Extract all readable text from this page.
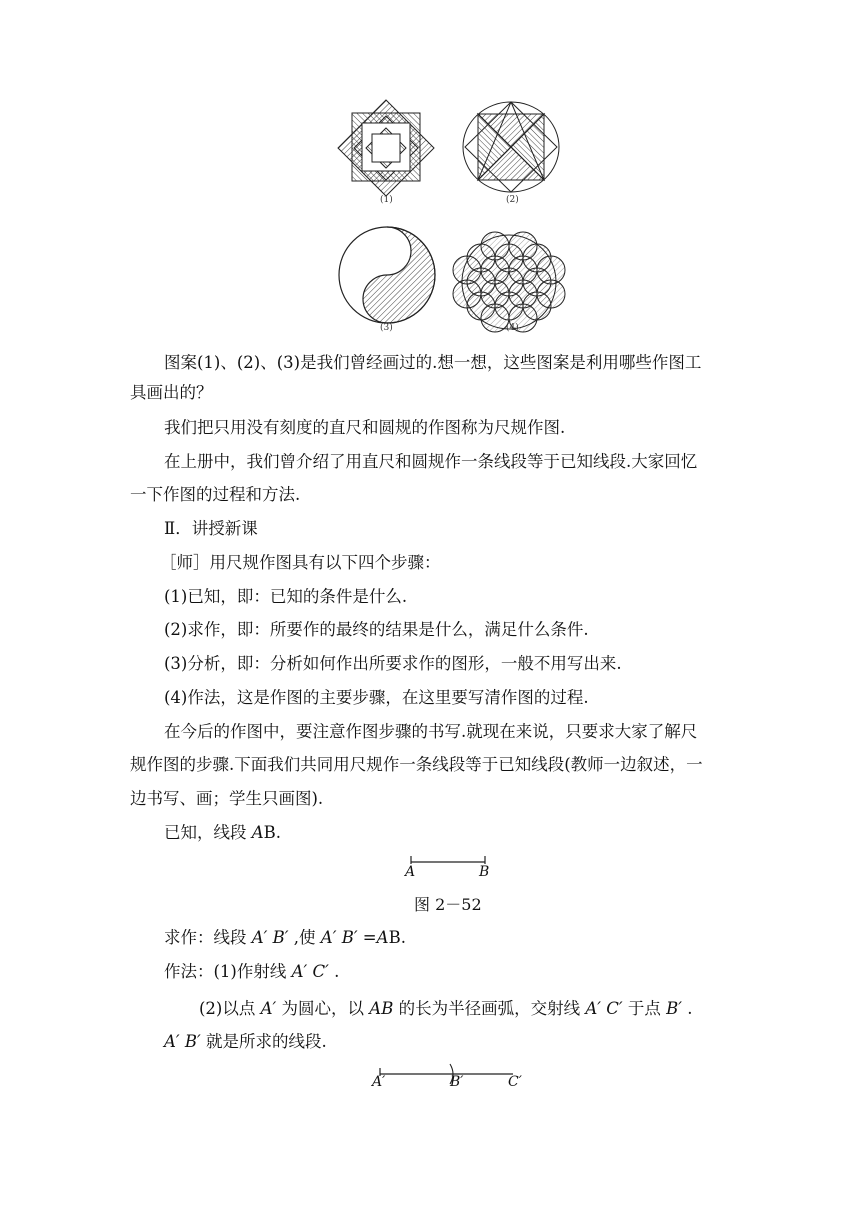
(1)	(2)
(3)	(4)
图案(1)、(2)、(3)是我们曾经画过的.想一想，这些图案是利用哪些作图工
具画出的？
我们把只用没有刻度的直尺和圆规的作图称为尺规作图.
在上册中，我们曾介绍了用直尺和圆规作一条线段等于已知线段.大家回忆
一下作图的过程和方法.
Ⅱ．讲授新课
［师］用尺规作图具有以下四个步骤：
(1)已知，即：已知的条件是什么.
(2)求作，即：所要作的最终的结果是什么，满足什么条件.
(3)分析，即：分析如何作出所要求作的图形，一般不用写出来.
(4)作法，这是作图的主要步骤，在这里要写清作图的过程.
在今后的作图中，要注意作图步骤的书写.就现在来说，只要求大家了解尺
规作图的步骤.下面我们共同用尺规作一条线段等于已知线段(教师一边叙述，一
边书写、画；学生只画图).
已知，线段 AB.
A	B
图 2－52
求作：线段 A′ B′ ,使 A′ B′ =AB.
作法：(1)作射线 A′ C′ .
(2)以点 A′ 为圆心，以 AB 的长为半径画弧，交射线 A′ C′ 于点 B′ .
A′ B′ 就是所求的线段.
A′	B′	C′
